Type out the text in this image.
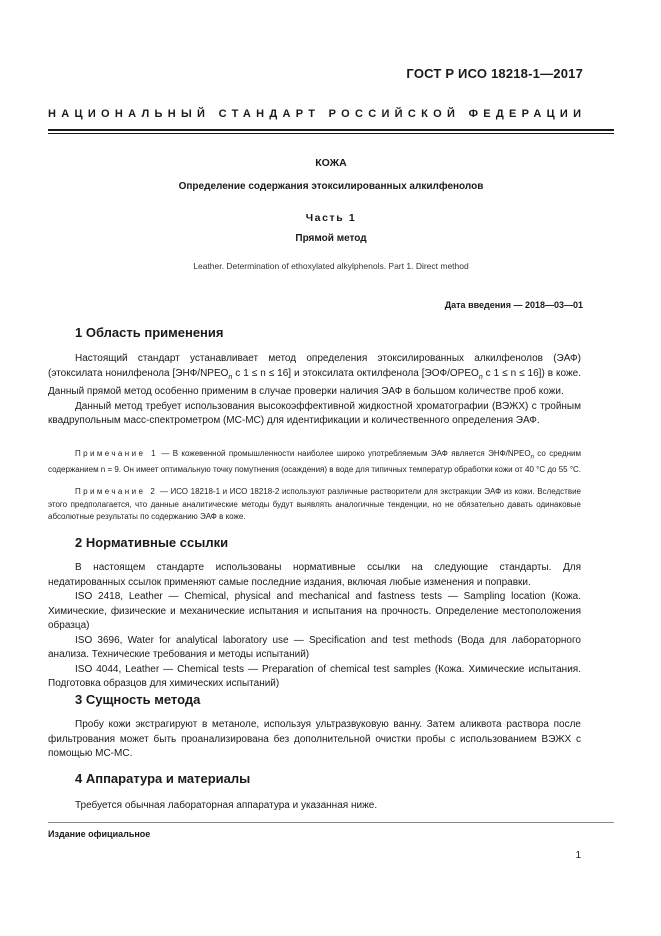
ГОСТ Р ИСО 18218-1—2017
НАЦИОНАЛЬНЫЙ СТАНДАРТ РОССИЙСКОЙ ФЕДЕРАЦИИ
КОЖА
Определение содержания этоксилированных алкилфенолов
Часть 1
Прямой метод
Leather. Determination of ethoxylated alkylphenols. Part 1. Direct method
Дата введения — 2018—03—01
1 Область применения

Настоящий стандарт устанавливает метод определения этоксилированных алкилфенолов (ЭАФ) (этоксилата нонилфенола [$ЭНФ/NPEO_n$ с 1 ≤ n ≤ 16] и этоксилата октилфенола [$ЭОФ/OPEO_n$ с 1 ≤ n ≤ 16]) в коже. Данный прямой метод особенно применим в случае проверки наличия ЭАФ в большом количестве проб кожи.

Данный метод требует использования высокоэффективной жидкостной хроматографии (ВЭЖХ) с тройным квадрупольным масс-спектрометром (МС-МС) для идентификации и количественного определения ЭАФ.

Примечание 1 — В кожевенной промышленности наиболее широко употребляемым ЭАФ является ЭНФ/$NPEO_n$ со средним содержанием n = 9. Он имеет оптимальную точку помутнения (осаждения) в воде для типичных температур обработки кожи от 40 °С до 55 °С.

Примечание 2 — ИСО 18218-1 и ИСО 18218-2 используют различные растворители для экстракции ЭАФ из кожи. Вследствие этого предполагается, что данные аналитические методы будут выявлять аналогичные тенденции, но не обязательно давать одинаковые абсолютные результаты по содержанию ЭАФ в коже.

2 Нормативные ссылки

В настоящем стандарте использованы нормативные ссылки на следующие стандарты. Для недатированных ссылок применяют самые последние издания, включая любые изменения и поправки.

ISO 2418, Leather — Chemical, physical and mechanical and fastness tests — Sampling location (Кожа. Химические, физические и механические испытания и испытания на прочность. Определение местоположения образца)

ISO 3696, Water for analytical laboratory use — Specification and test methods (Вода для лабораторного анализа. Технические требования и методы испытаний)

ISO 4044, Leather — Chemical tests — Preparation of chemical test samples (Кожа. Химические испытания. Подготовка образцов для химических испытаний)

3 Сущность метода

Пробу кожи экстрагируют в метаноле, используя ультразвуковую ванну. Затем аликвота раствора после фильтрования может быть проанализирована без дополнительной очистки пробы с использованием ВЭЖХ с помощью МС-МС.

4 Аппаратура и материалы

Требуется обычная лабораторная аппаратура и указанная ниже.

Издание официальное
1
